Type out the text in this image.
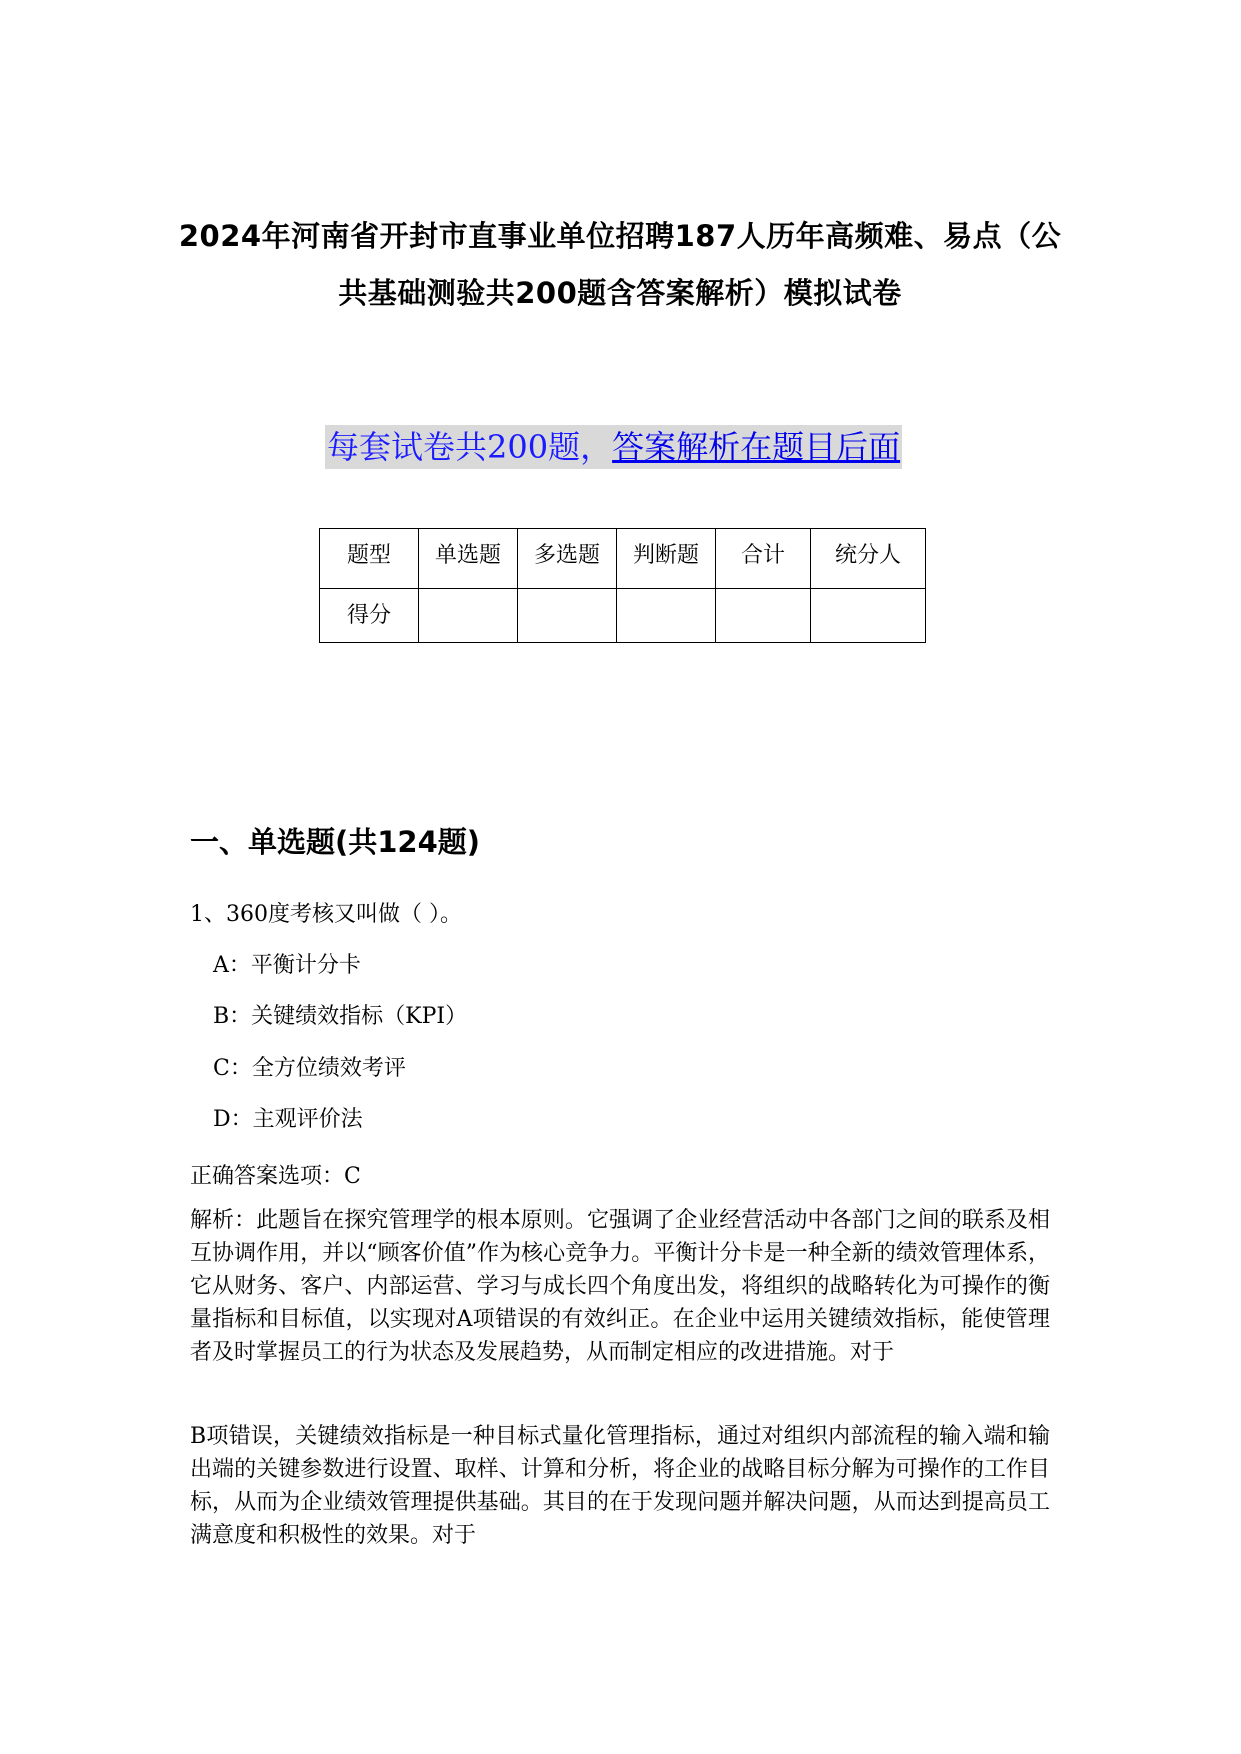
2024年河南省开封市直事业单位招聘187人历年高频难、易点（公共基础测验共200题含答案解析）模拟试卷
每套试卷共200题，答案解析在题目后面
题型	单选题	多选题	判断题	合计	统分人
得分					
一、单选题(共124题)
1、360度考核又叫做（ ）。
A：平衡计分卡
B：关键绩效指标（KPI）
C：全方位绩效考评
D：主观评价法
正确答案选项：C

解析：此题旨在探究管理学的根本原则。它强调了企业经营活动中各部门之间的联系及相互协调作用，并以“顾客价值”作为核心竞争力。平衡计分卡是一种全新的绩效管理体系，它从财务、客户、内部运营、学习与成长四个角度出发，将组织的战略转化为可操作的衡量指标和目标值，以实现对A项错误的有效纠正。在企业中运用关键绩效指标，能使管理者及时掌握员工的行为状态及发展趋势，从而制定相应的改进措施。对于

B项错误，关键绩效指标是一种目标式量化管理指标，通过对组织内部流程的输入端和输出端的关键参数进行设置、取样、计算和分析，将企业的战略目标分解为可操作的工作目标，从而为企业绩效管理提供基础。其目的在于发现问题并解决问题，从而达到提高员工满意度和积极性的效果。对于
